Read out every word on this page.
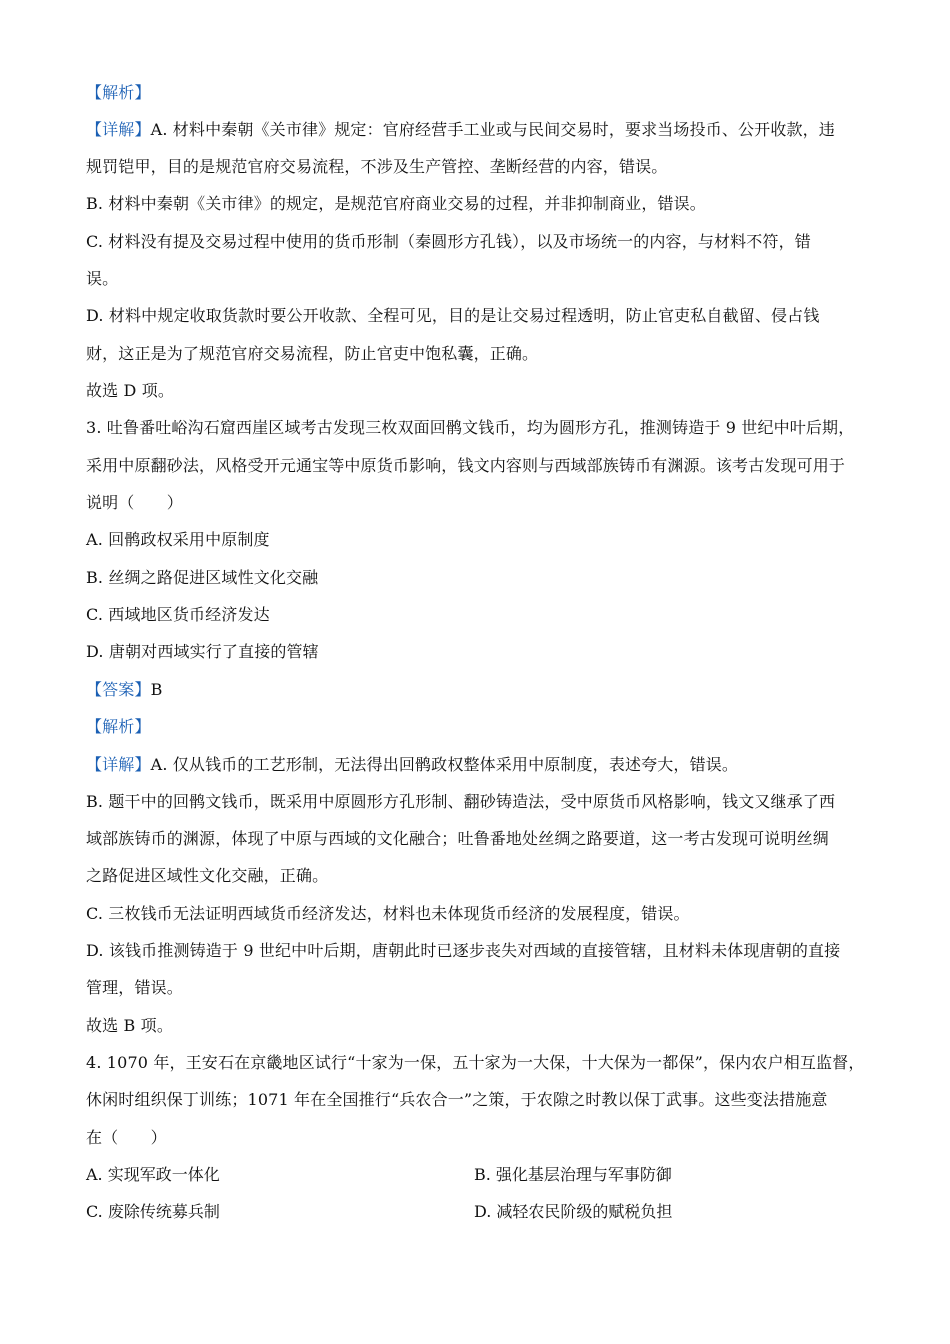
【解析】
【详解】A. 材料中秦朝《关市律》规定：官府经营手工业或与民间交易时，要求当场投币、公开收款，违
规罚铠甲，目的是规范官府交易流程，不涉及生产管控、垄断经营的内容，错误。
B. 材料中秦朝《关市律》的规定，是规范官府商业交易的过程，并非抑制商业，错误。
C. 材料没有提及交易过程中使用的货币形制（秦圆形方孔钱），以及市场统一的内容，与材料不符，错
误。
D. 材料中规定收取货款时要公开收款、全程可见，目的是让交易过程透明，防止官吏私自截留、侵占钱
财，这正是为了规范官府交易流程，防止官吏中饱私囊，正确。
故选 D 项。
3. 吐鲁番吐峪沟石窟西崖区域考古发现三枚双面回鹘文钱币，均为圆形方孔，推测铸造于 9 世纪中叶后期，
采用中原翻砂法，风格受开元通宝等中原货币影响，钱文内容则与西域部族铸币有渊源。该考古发现可用于
说明（　　）
A. 回鹘政权采用中原制度
B. 丝绸之路促进区域性文化交融
C. 西域地区货币经济发达
D. 唐朝对西域实行了直接的管辖
【答案】B
【解析】
【详解】A. 仅从钱币的工艺形制，无法得出回鹘政权整体采用中原制度，表述夸大，错误。
B. 题干中的回鹘文钱币，既采用中原圆形方孔形制、翻砂铸造法，受中原货币风格影响，钱文又继承了西
域部族铸币的渊源，体现了中原与西域的文化融合；吐鲁番地处丝绸之路要道，这一考古发现可说明丝绸
之路促进区域性文化交融，正确。
C. 三枚钱币无法证明西域货币经济发达，材料也未体现货币经济的发展程度，错误。
D. 该钱币推测铸造于 9 世纪中叶后期，唐朝此时已逐步丧失对西域的直接管辖，且材料未体现唐朝的直接
管理，错误。
故选 B 项。
4. 1070 年，王安石在京畿地区试行“十家为一保，五十家为一大保，十大保为一都保”，保内农户相互监督，
休闲时组织保丁训练；1071 年在全国推行“兵农合一”之策，于农隙之时教以保丁武事。这些变法措施意
在（　　）
A. 实现军政一体化	B. 强化基层治理与军事防御
C. 废除传统募兵制	D. 减轻农民阶级的赋税负担
